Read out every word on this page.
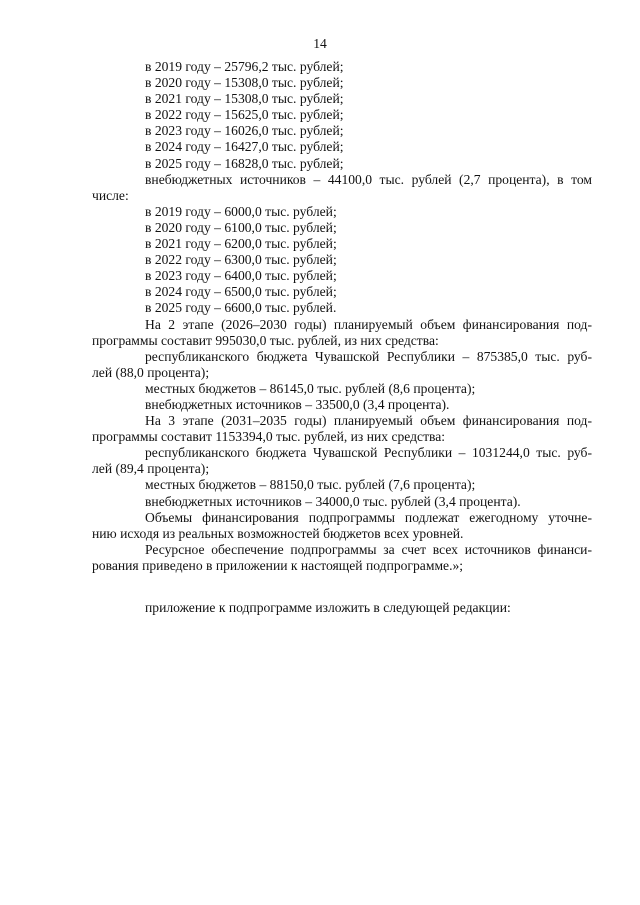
14
в 2019 году – 25796,2 тыс. рублей;
в 2020 году – 15308,0 тыс. рублей;
в 2021 году – 15308,0 тыс. рублей;
в 2022 году – 15625,0 тыс. рублей;
в 2023 году – 16026,0 тыс. рублей;
в 2024 году – 16427,0 тыс. рублей;
в 2025 году – 16828,0 тыс. рублей;
внебюджетных источников – 44100,0 тыс. рублей (2,7 процента), в том
числе:
в 2019 году – 6000,0 тыс. рублей;
в 2020 году – 6100,0 тыс. рублей;
в 2021 году – 6200,0 тыс. рублей;
в 2022 году – 6300,0 тыс. рублей;
в 2023 году – 6400,0 тыс. рублей;
в 2024 году – 6500,0 тыс. рублей;
в 2025 году – 6600,0 тыс. рублей.
На 2 этапе (2026–2030 годы) планируемый объем финансирования под-
программы составит 995030,0 тыс. рублей, из них средства:
республиканского бюджета Чувашской Республики – 875385,0 тыс. руб-
лей (88,0 процента);
местных бюджетов – 86145,0 тыс. рублей (8,6 процента);
внебюджетных источников – 33500,0 (3,4 процента).
На 3 этапе (2031–2035 годы) планируемый объем финансирования под-
программы составит 1153394,0 тыс. рублей, из них средства:
республиканского бюджета Чувашской Республики – 1031244,0 тыс. руб-
лей (89,4 процента);
местных бюджетов – 88150,0 тыс. рублей (7,6 процента);
внебюджетных источников – 34000,0 тыс. рублей (3,4 процента).
Объемы финансирования подпрограммы подлежат ежегодному уточне-
нию исходя из реальных возможностей бюджетов всех уровней.
Ресурсное обеспечение подпрограммы за счет всех источников финанси-
рования приведено в приложении к настоящей подпрограмме.»;
приложение к подпрограмме изложить в следующей редакции:
